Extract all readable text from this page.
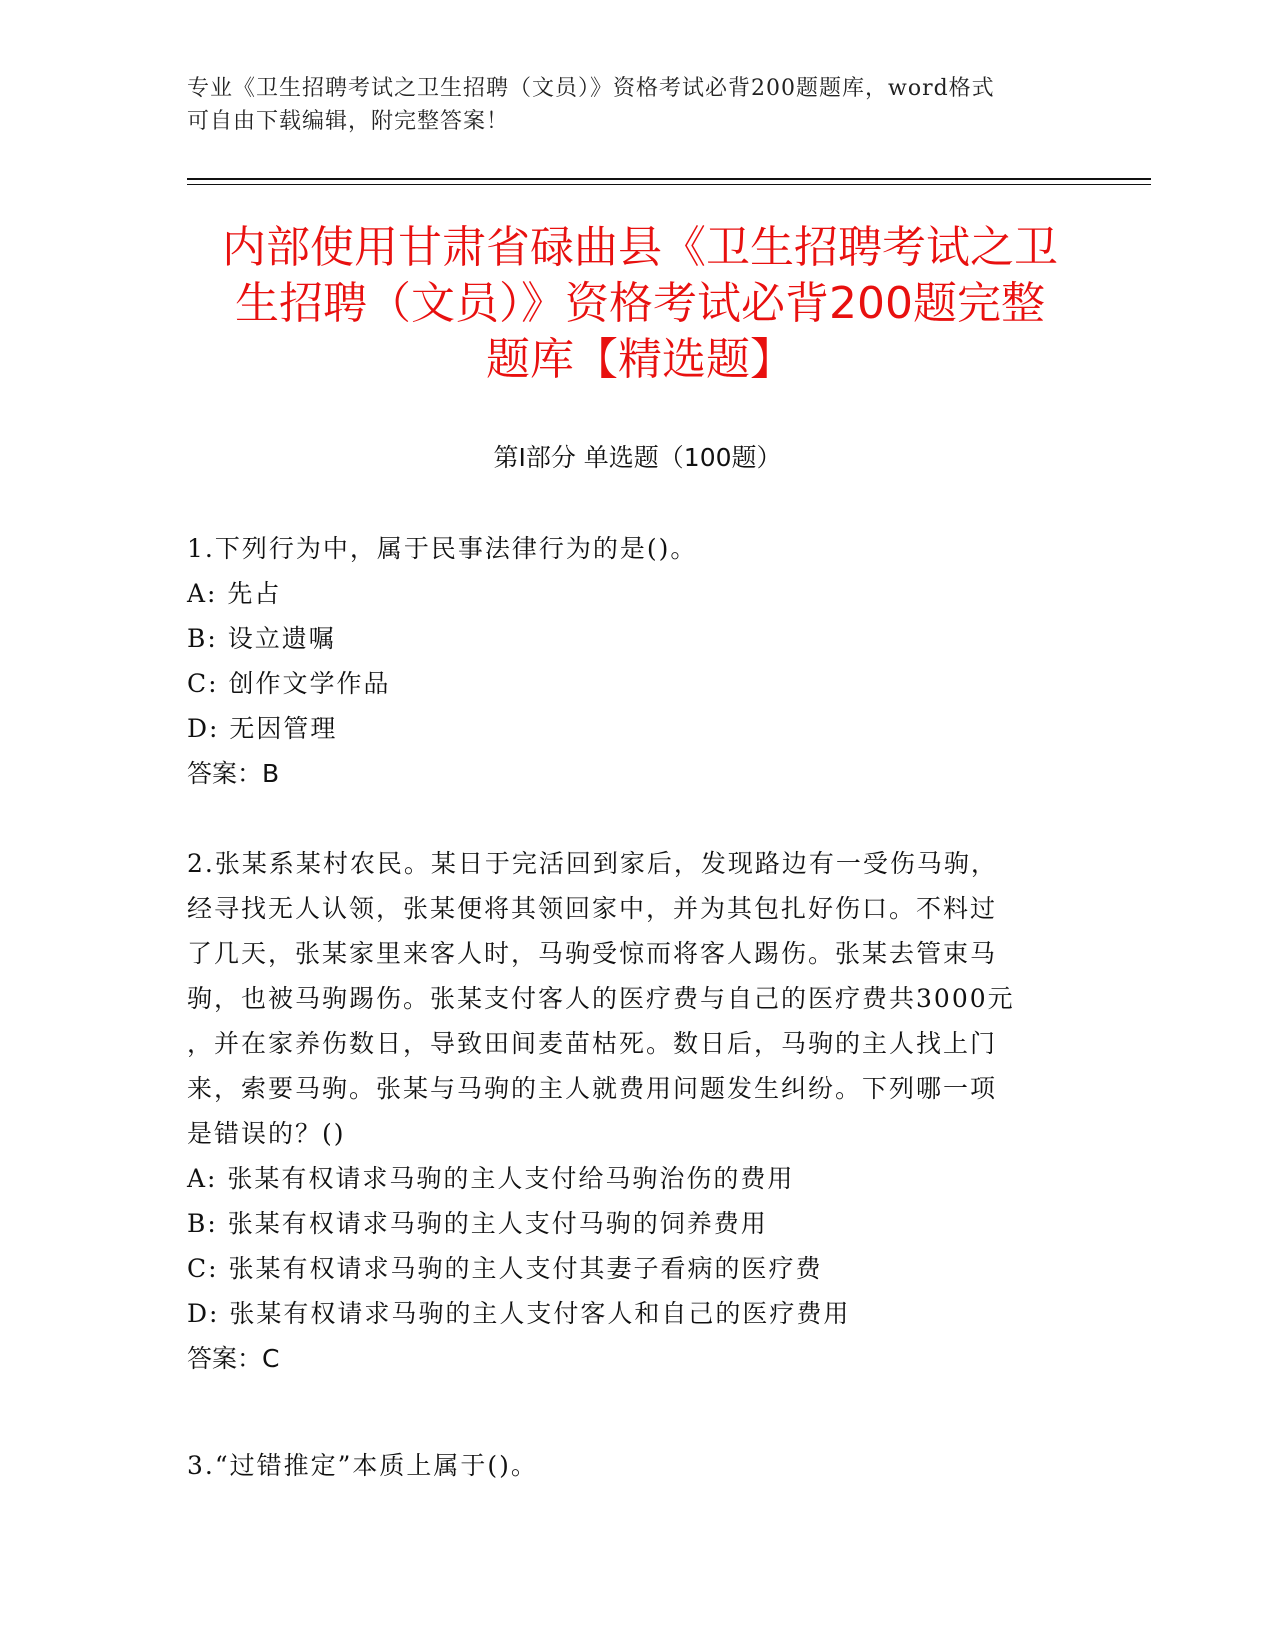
专业《卫生招聘考试之卫生招聘（文员）》资格考试必背200题题库，word格式
可自由下载编辑，附完整答案！
内部使用甘肃省碌曲县《卫生招聘考试之卫
生招聘（文员）》资格考试必背200题完整
题库【精选题】
第Ⅰ部分 单选题（100题）
1.下列行为中，属于民事法律行为的是()。
A: 先占
B: 设立遗嘱
C: 创作文学作品
D: 无因管理
答案：B
2.张某系某村农民。某日于完活回到家后，发现路边有一受伤马驹，
经寻找无人认领，张某便将其领回家中，并为其包扎好伤口。不料过
了几天，张某家里来客人时，马驹受惊而将客人踢伤。张某去管束马
驹，也被马驹踢伤。张某支付客人的医疗费与自己的医疗费共3000元
，并在家养伤数日，导致田间麦苗枯死。数日后，马驹的主人找上门
来，索要马驹。张某与马驹的主人就费用问题发生纠纷。下列哪一项
是错误的？()
A: 张某有权请求马驹的主人支付给马驹治伤的费用
B: 张某有权请求马驹的主人支付马驹的饲养费用
C: 张某有权请求马驹的主人支付其妻子看病的医疗费
D: 张某有权请求马驹的主人支付客人和自己的医疗费用
答案：C
3.“过错推定”本质上属于()。
